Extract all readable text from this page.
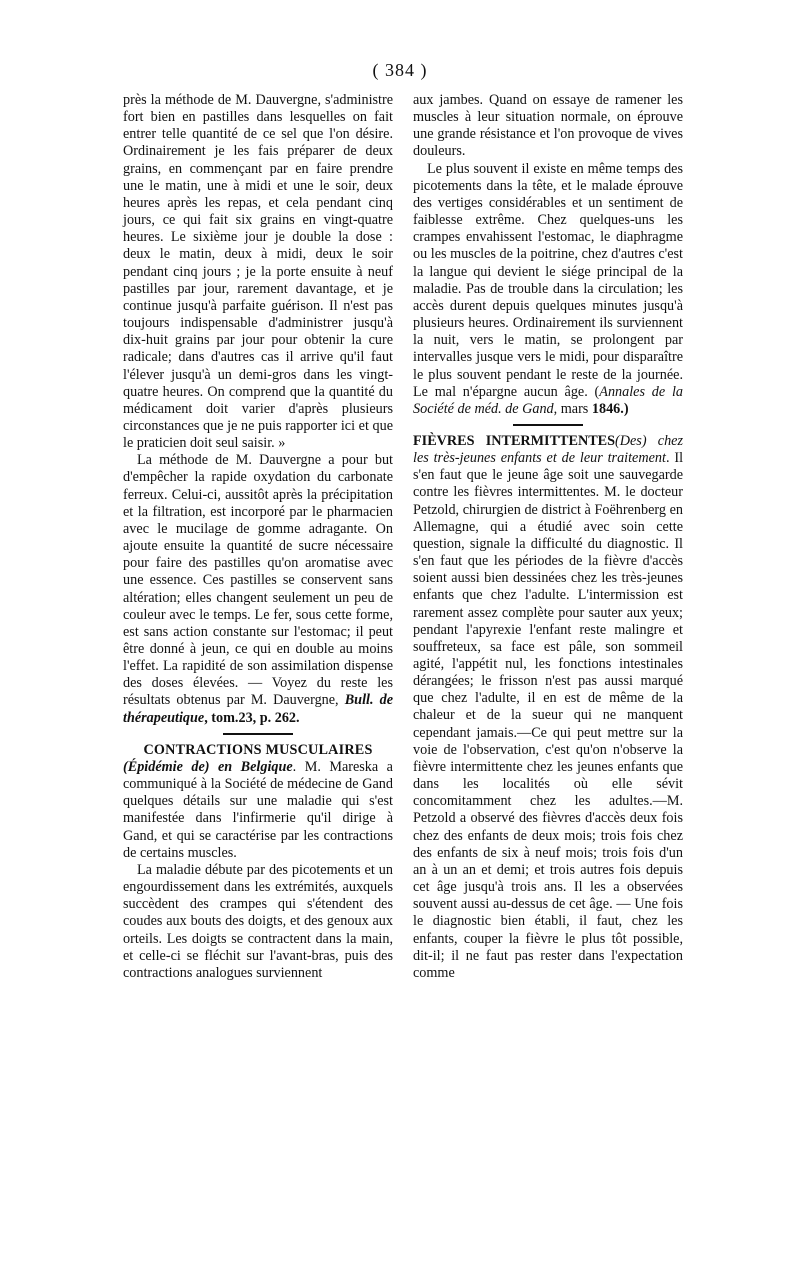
( 384 )

près la méthode de M. Dauvergne, s'administre fort bien en pastilles dans lesquelles on fait entrer telle quantité de ce sel que l'on désire. Ordinairement je les fais préparer de deux grains, en commençant par en faire prendre une le matin, une à midi et une le soir, deux heures après les repas, et cela pendant cinq jours, ce qui fait six grains en vingt-quatre heures. Le sixième jour je double la dose : deux le matin, deux à midi, deux le soir pendant cinq jours ; je la porte ensuite à neuf pastilles par jour, rarement davantage, et je continue jusqu'à parfaite guérison. Il n'est pas toujours indispensable d'administrer jusqu'à dix-huit grains par jour pour obtenir la cure radicale; dans d'autres cas il arrive qu'il faut l'élever jusqu'à un demi-gros dans les vingt-quatre heures. On comprend que la quantité du médicament doit varier d'après plusieurs circonstances que je ne puis rapporter ici et que le praticien doit seul saisir. »

La méthode de M. Dauvergne a pour but d'empêcher la rapide oxydation du carbonate ferreux. Celui-ci, aussitôt après la précipitation et la filtration, est incorporé par le pharmacien avec le mucilage de gomme adragante. On ajoute ensuite la quantité de sucre nécessaire pour faire des pastilles qu'on aromatise avec une essence. Ces pastilles se conservent sans altération; elles changent seulement un peu de couleur avec le temps. Le fer, sous cette forme, est sans action constante sur l'estomac; il peut être donné à jeun, ce qui en double au moins l'effet. La rapidité de son assimilation dispense des doses élevées. — Voyez du reste les résultats obtenus par M. Dauvergne, Bull. de thérapeutique, tom.23, p. 262.

CONTRACTIONS MUSCULAIRES

(Épidémie de) en Belgique. M. Mareska a communiqué à la Société de médecine de Gand quelques détails sur une maladie qui s'est manifestée dans l'infirmerie qu'il dirige à Gand, et qui se caractérise par les contractions de certains muscles.

La maladie débute par des picotements et un engourdissement dans les extrémités, auxquels succèdent des crampes qui s'étendent des coudes aux bouts des doigts, et des genoux aux orteils. Les doigts se contractent dans la main, et celle-ci se fléchit sur l'avant-bras, puis des contractions analogues surviennent

aux jambes. Quand on essaye de ramener les muscles à leur situation normale, on éprouve une grande résistance et l'on provoque de vives douleurs.

Le plus souvent il existe en même temps des picotements dans la tête, et le malade éprouve des vertiges considérables et un sentiment de faiblesse extrême. Chez quelques-uns les crampes envahissent l'estomac, le diaphragme ou les muscles de la poitrine, chez d'autres c'est la langue qui devient le siége principal de la maladie. Pas de trouble dans la circulation; les accès durent depuis quelques minutes jusqu'à plusieurs heures. Ordinairement ils surviennent la nuit, vers le matin, se prolongent par intervalles jusque vers le midi, pour disparaître le plus souvent pendant le reste de la journée. Le mal n'épargne aucun âge. (Annales de la Société de méd. de Gand, mars 1846.)

FIÈVRES INTERMITTENTES(Des) chez les très-jeunes enfants et de leur traitement. Il s'en faut que le jeune âge soit une sauvegarde contre les fièvres intermittentes. M. le docteur Petzold, chirurgien de district à Foëhrenberg en Allemagne, qui a étudié avec soin cette question, signale la difficulté du diagnostic. Il s'en faut que les périodes de la fièvre d'accès soient aussi bien dessinées chez les très-jeunes enfants que chez l'adulte. L'intermission est rarement assez complète pour sauter aux yeux; pendant l'apyrexie l'enfant reste malingre et souffreteux, sa face est pâle, son sommeil agité, l'appétit nul, les fonctions intestinales dérangées; le frisson n'est pas aussi marqué que chez l'adulte, il en est de même de la chaleur et de la sueur qui ne manquent cependant jamais.—Ce qui peut mettre sur la voie de l'observation, c'est qu'on n'observe la fièvre intermittente chez les jeunes enfants que dans les localités où elle sévit concomitamment chez les adultes.—M. Petzold a observé des fièvres d'accès deux fois chez des enfants de deux mois; trois fois chez des enfants de six à neuf mois; trois fois d'un an à un an et demi; et trois autres fois depuis cet âge jusqu'à trois ans. Il les a observées souvent aussi au-dessus de cet âge. — Une fois le diagnostic bien établi, il faut, chez les enfants, couper la fièvre le plus tôt possible, dit-il; il ne faut pas rester dans l'expectation comme
